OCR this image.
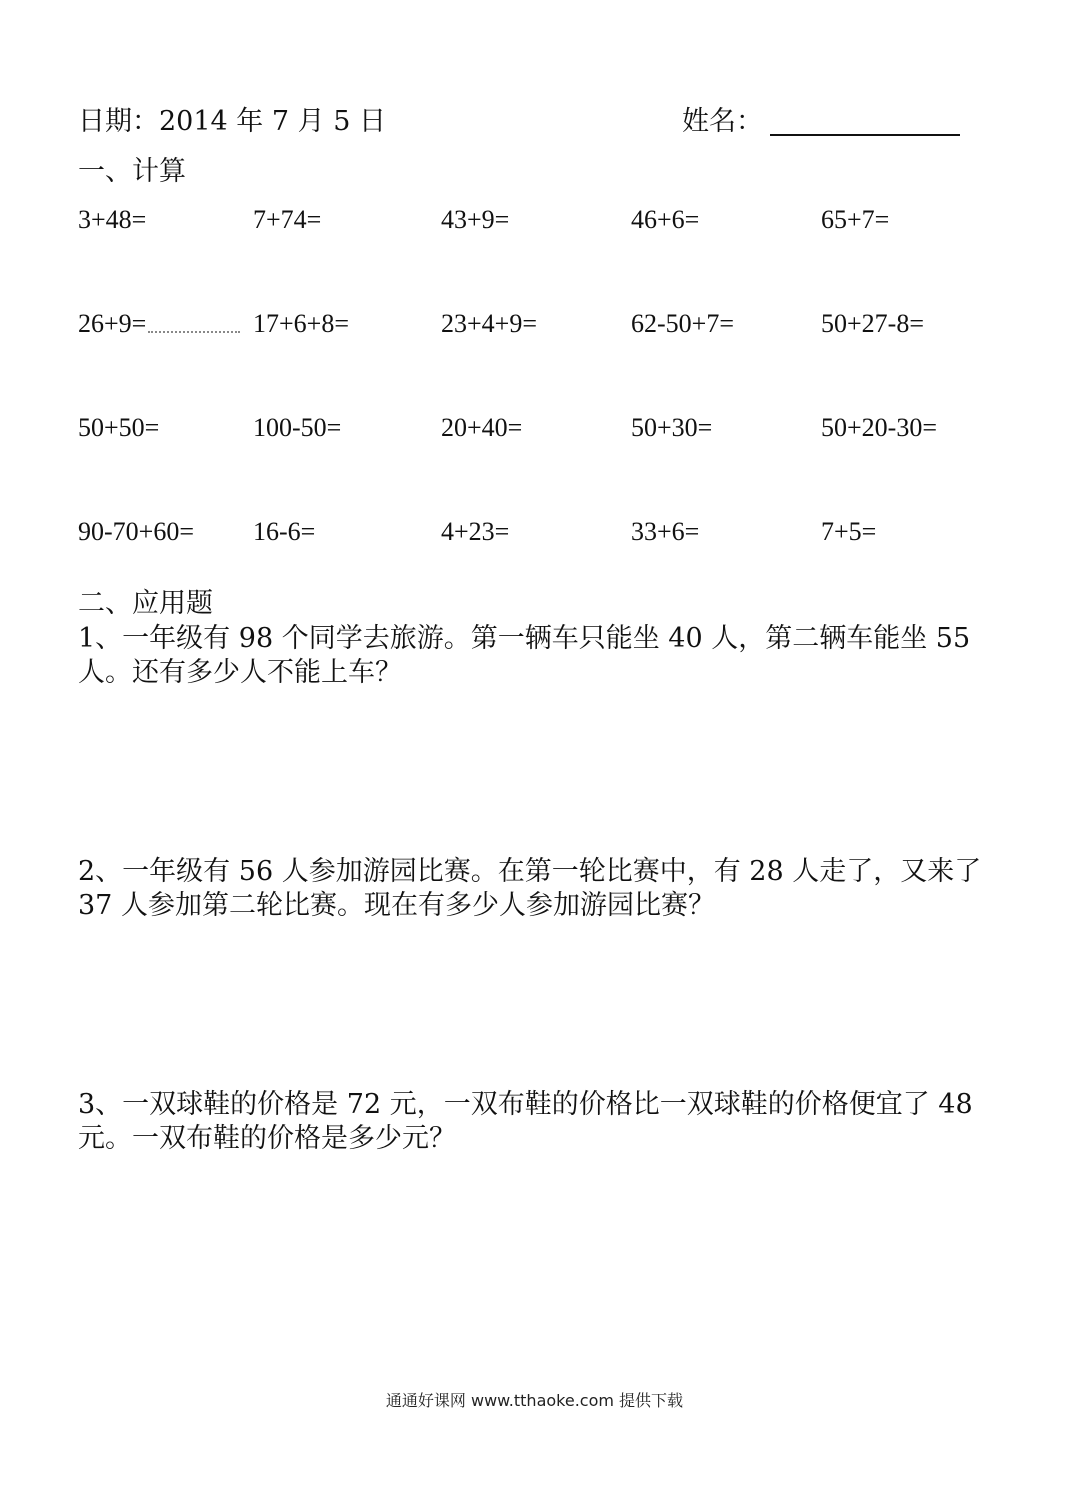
日期：2014 年 7 月 5 日	姓名：
一、计算
3+48=	7+74=	43+9=	46+6=	65+7=
26+9=	17+6+8=	23+4+9=	62-50+7=	50+27-8=
50+50=	100-50=	20+40=	50+30=	50+20-30=
90-70+60= 16-6=	4+23=	33+6=	7+5=
二、应用题
1、一年级有 98 个同学去旅游。第一辆车只能坐 40 人，第二辆车能坐 55 人。还有多少人不能上车？
2、一年级有 56 人参加游园比赛。在第一轮比赛中，有 28 人走了，又来了 37 人参加第二轮比赛。现在有多少人参加游园比赛？
3、一双球鞋的价格是 72 元，一双布鞋的价格比一双球鞋的价格便宜了 48 元。一双布鞋的价格是多少元？
通通好课网 www.tthaoke.com 提供下载
